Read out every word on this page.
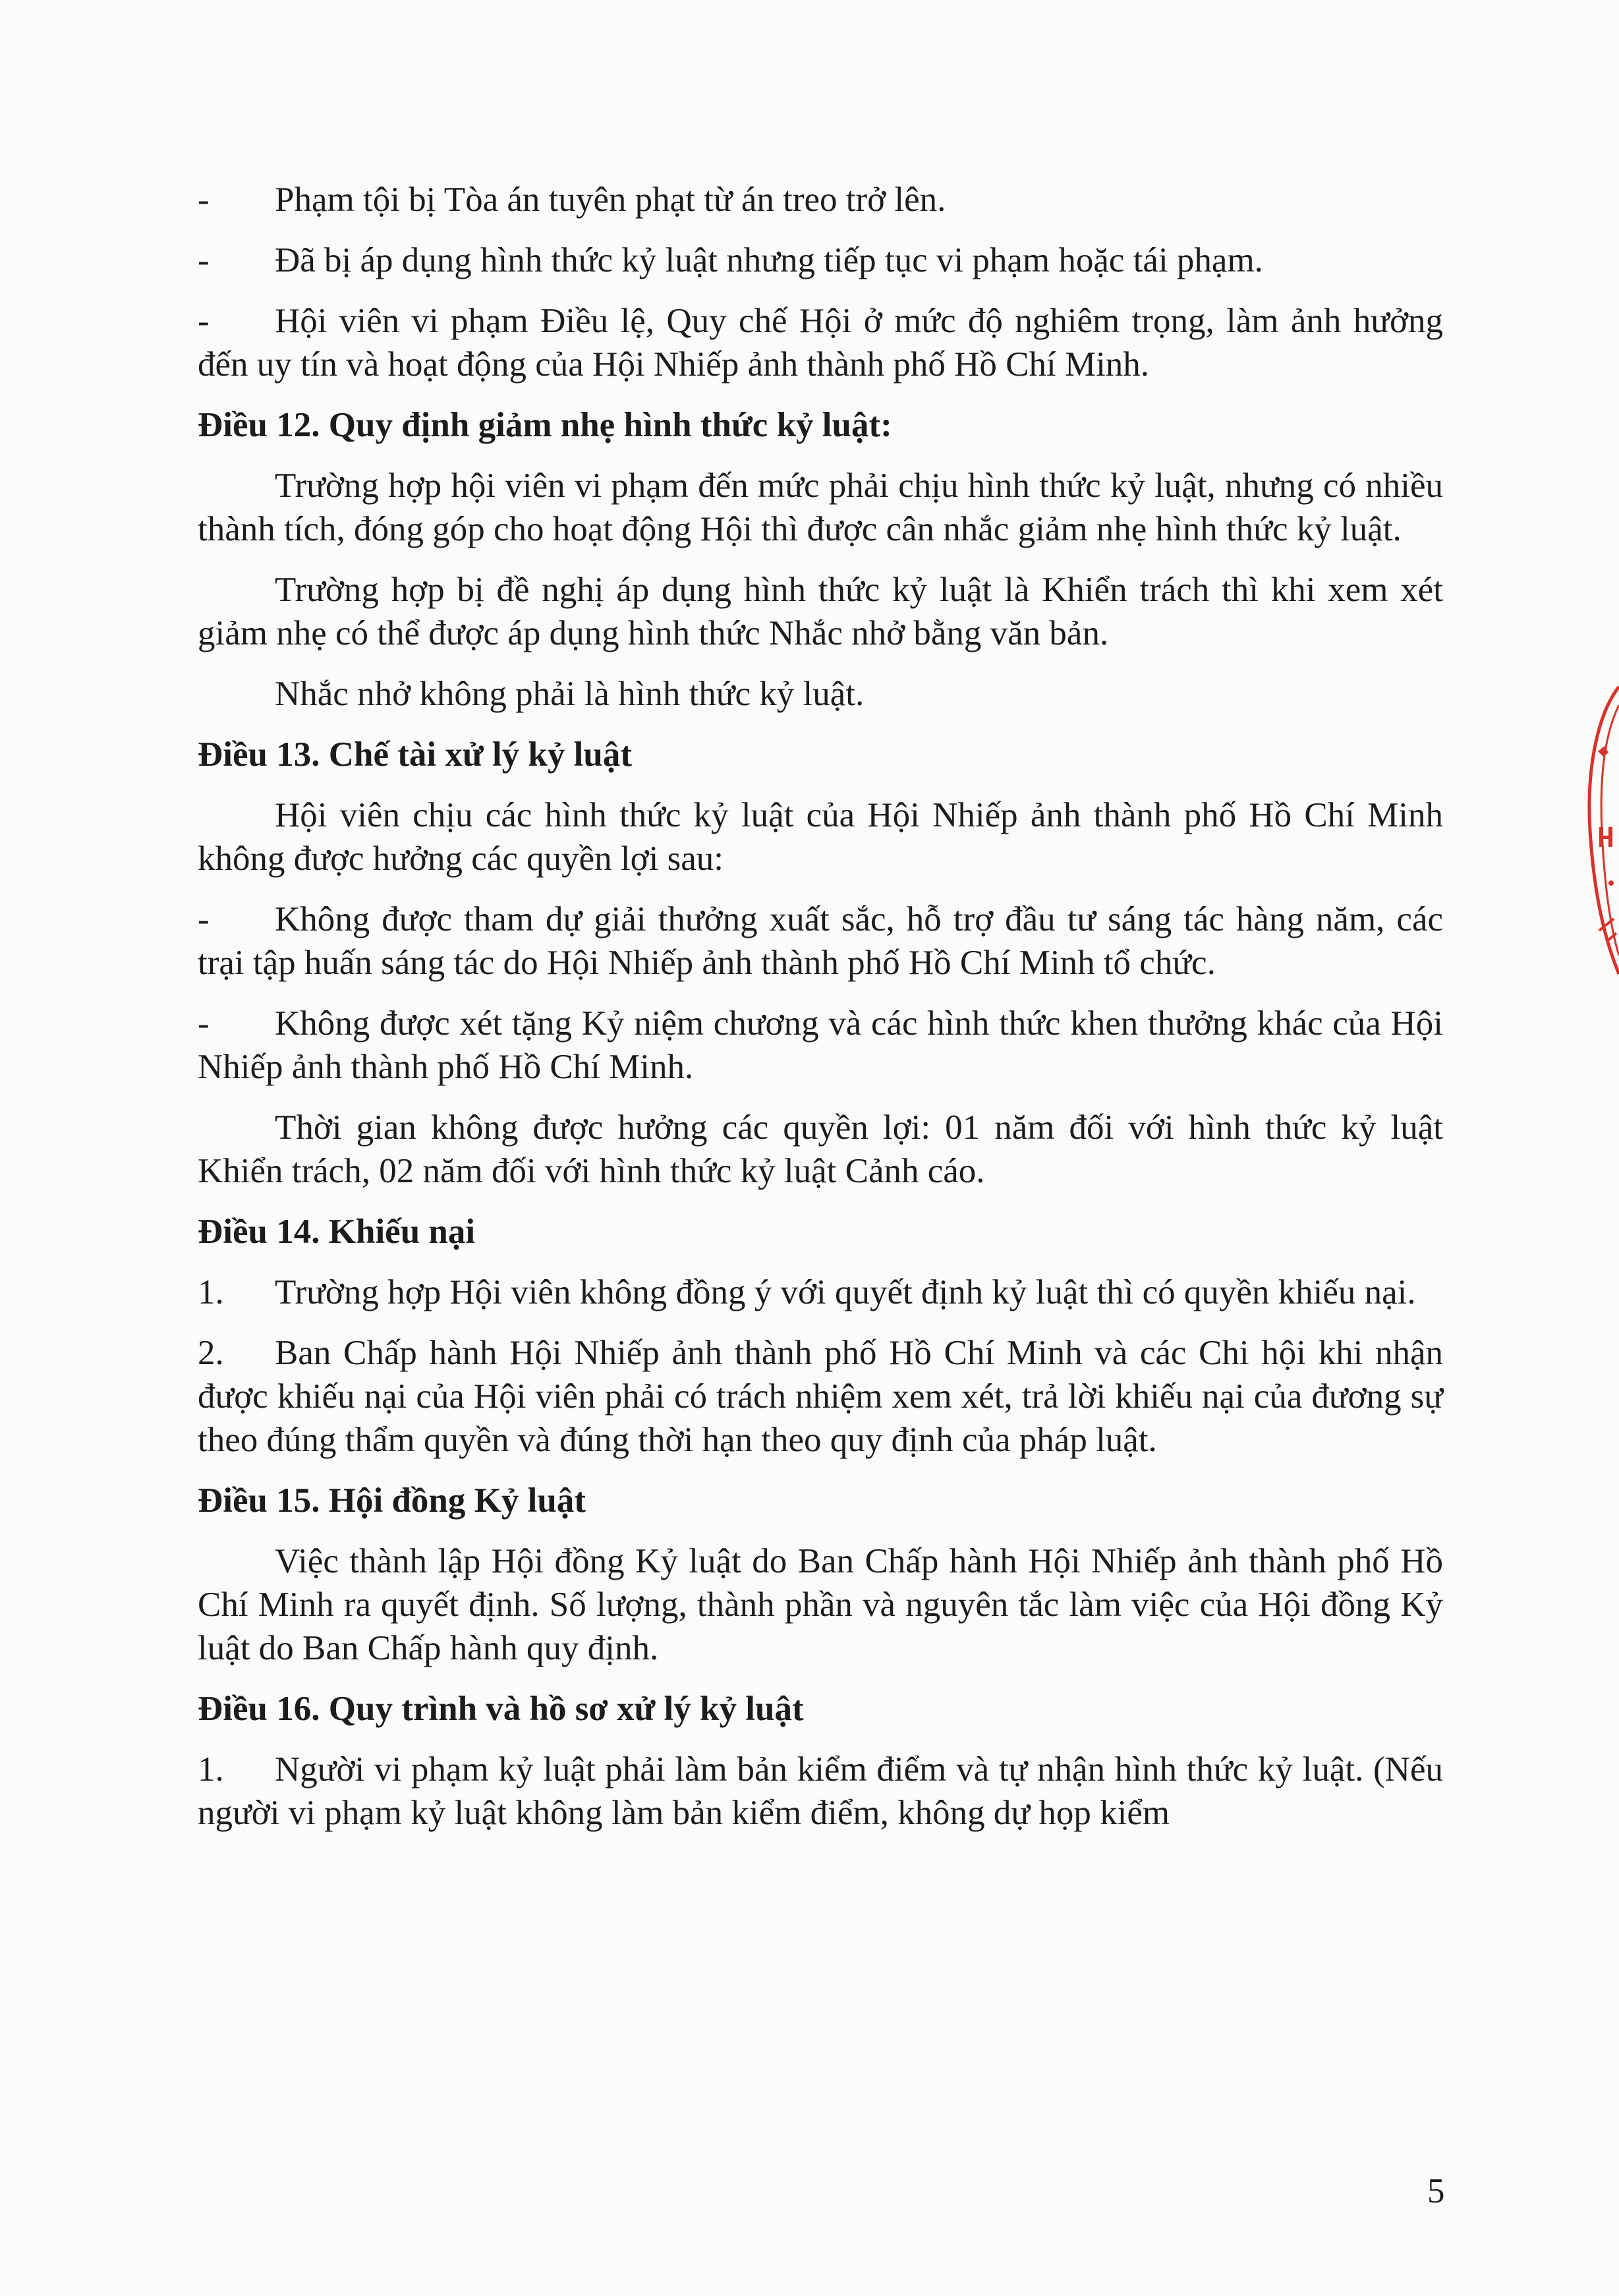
-	Phạm tội bị Tòa án tuyên phạt từ án treo trở lên.
-	Đã bị áp dụng hình thức kỷ luật nhưng tiếp tục vi phạm hoặc tái phạm.

- Hội viên vi phạm Điều lệ, Quy chế Hội ở mức độ nghiêm trọng, làm ảnh hưởng đến uy tín và hoạt động của Hội Nhiếp ảnh thành phố Hồ Chí Minh.

Điều 12. Quy định giảm nhẹ hình thức kỷ luật:

Trường hợp hội viên vi phạm đến mức phải chịu hình thức kỷ luật, nhưng có nhiều thành tích, đóng góp cho hoạt động Hội thì được cân nhắc giảm nhẹ hình thức kỷ luật.

Trường hợp bị đề nghị áp dụng hình thức kỷ luật là Khiển trách thì khi xem xét giảm nhẹ có thể được áp dụng hình thức Nhắc nhở bằng văn bản.

Nhắc nhở không phải là hình thức kỷ luật.

Điều 13. Chế tài xử lý kỷ luật

Hội viên chịu các hình thức kỷ luật của Hội Nhiếp ảnh thành phố Hồ Chí Minh không được hưởng các quyền lợi sau:

- Không được tham dự giải thưởng xuất sắc, hỗ trợ đầu tư sáng tác hàng năm, các trại tập huấn sáng tác do Hội Nhiếp ảnh thành phố Hồ Chí Minh tổ chức.

- Không được xét tặng Kỷ niệm chương và các hình thức khen thưởng khác của Hội Nhiếp ảnh thành phố Hồ Chí Minh.

Thời gian không được hưởng các quyền lợi: 01 năm đối với hình thức kỷ luật Khiển trách, 02 năm đối với hình thức kỷ luật Cảnh cáo.

Điều 14. Khiếu nại

1. Trường hợp Hội viên không đồng ý với quyết định kỷ luật thì có quyền khiếu nại.

2. Ban Chấp hành Hội Nhiếp ảnh thành phố Hồ Chí Minh và các Chi hội khi nhận được khiếu nại của Hội viên phải có trách nhiệm xem xét, trả lời khiếu nại của đương sự theo đúng thẩm quyền và đúng thời hạn theo quy định của pháp luật.

Điều 15. Hội đồng Kỷ luật

Việc thành lập Hội đồng Kỷ luật do Ban Chấp hành Hội Nhiếp ảnh thành phố Hồ Chí Minh ra quyết định. Số lượng, thành phần và nguyên tắc làm việc của Hội đồng Kỷ luật do Ban Chấp hành quy định.

Điều 16. Quy trình và hồ sơ xử lý kỷ luật

1. Người vi phạm kỷ luật phải làm bản kiểm điểm và tự nhận hình thức kỷ luật. (Nếu người vi phạm kỷ luật không làm bản kiểm điểm, không dự họp kiểm

5
